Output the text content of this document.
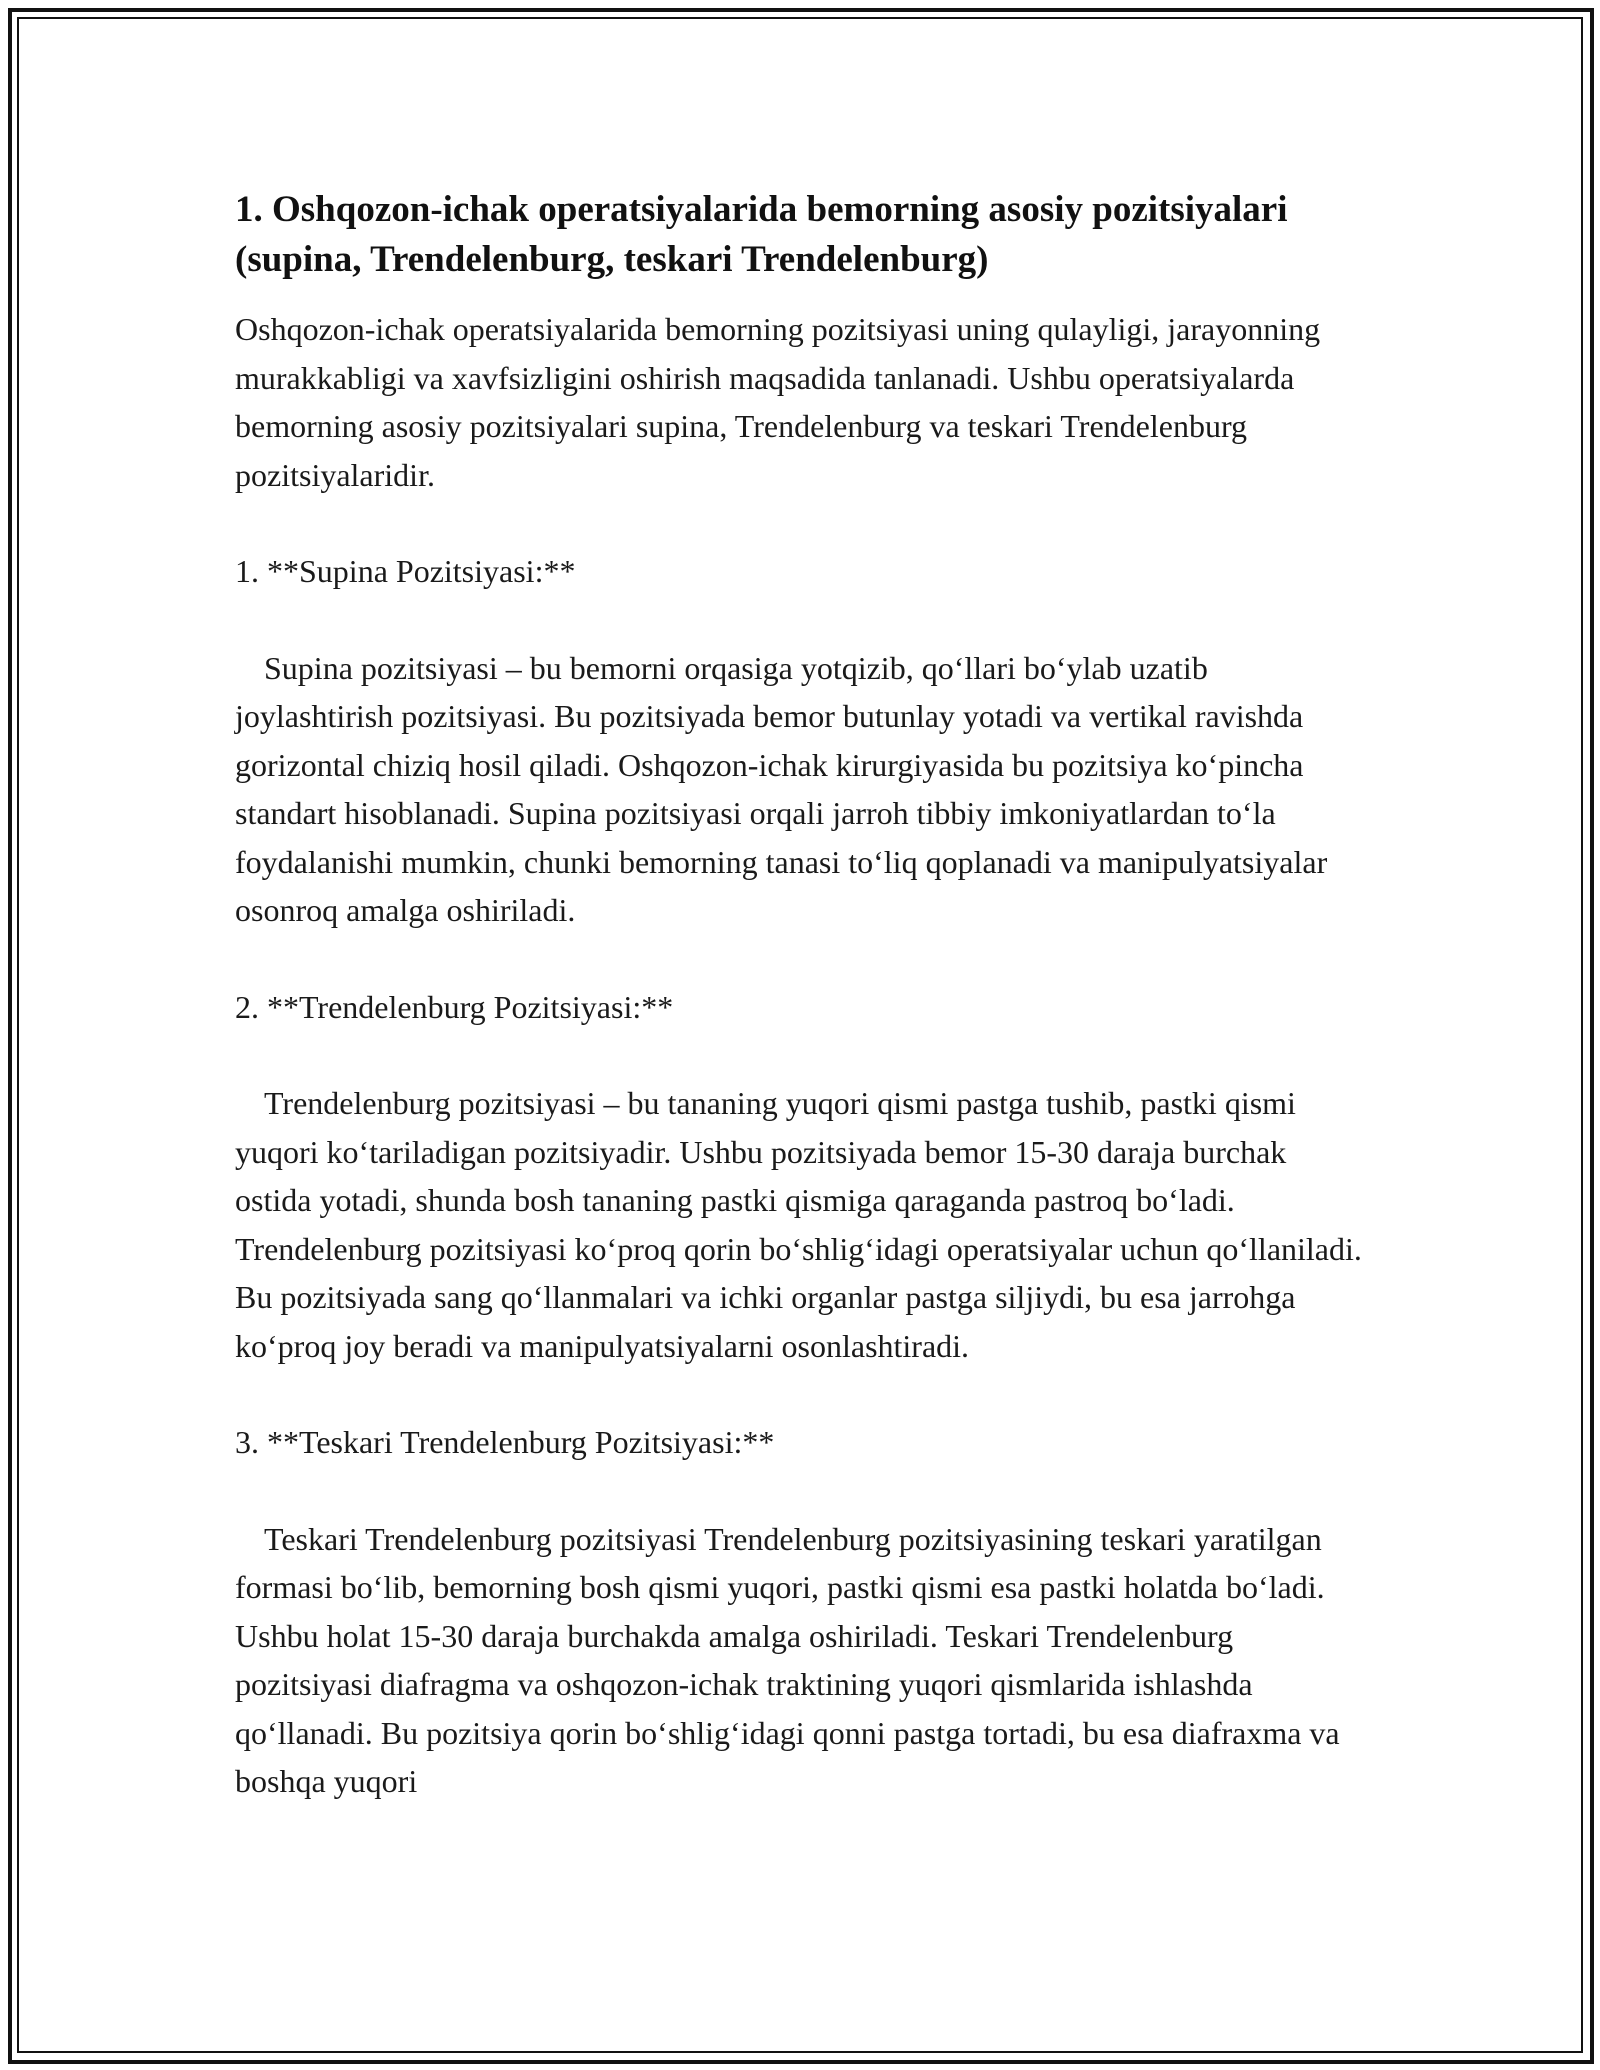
1. Oshqozon-ichak operatsiyalarida bemorning asosiy pozitsiyalari (supina, Trendelenburg, teskari Trendelenburg)

Oshqozon-ichak operatsiyalarida bemorning pozitsiyasi uning qulayligi, jarayonning murakkabligi va xavfsizligini oshirish maqsadida tanlanadi. Ushbu operatsiyalarda bemorning asosiy pozitsiyalari supina, Trendelenburg va teskari Trendelenburg pozitsiyalaridir.

1. **Supina Pozitsiyasi:**

Supina pozitsiyasi – bu bemorni orqasiga yotqizib, qo‘llari bo‘ylab uzatib joylashtirish pozitsiyasi. Bu pozitsiyada bemor butunlay yotadi va vertikal ravishda gorizontal chiziq hosil qiladi. Oshqozon-ichak kirurgiyasida bu pozitsiya ko‘pincha standart hisoblanadi. Supina pozitsiyasi orqali jarroh tibbiy imkoniyatlardan to‘la foydalanishi mumkin, chunki bemorning tanasi to‘liq qoplanadi va manipulyatsiyalar osonroq amalga oshiriladi.

2. **Trendelenburg Pozitsiyasi:**

Trendelenburg pozitsiyasi – bu tananing yuqori qismi pastga tushib, pastki qismi yuqori ko‘tariladigan pozitsiyadir. Ushbu pozitsiyada bemor 15-30 daraja burchak ostida yotadi, shunda bosh tananing pastki qismiga qaraganda pastroq bo‘ladi. Trendelenburg pozitsiyasi ko‘proq qorin bo‘shlig‘idagi operatsiyalar uchun qo‘llaniladi. Bu pozitsiyada sang qo‘llanmalari va ichki organlar pastga siljiydi, bu esa jarrohga ko‘proq joy beradi va manipulyatsiyalarni osonlashtiradi.

3. **Teskari Trendelenburg Pozitsiyasi:**

Teskari Trendelenburg pozitsiyasi Trendelenburg pozitsiyasining teskari yaratilgan formasi bo‘lib, bemorning bosh qismi yuqori, pastki qismi esa pastki holatda bo‘ladi. Ushbu holat 15-30 daraja burchakda amalga oshiriladi. Teskari Trendelenburg pozitsiyasi diafragma va oshqozon-ichak traktining yuqori qismlarida ishlashda qo‘llanadi. Bu pozitsiya qorin bo‘shlig‘idagi qonni pastga tortadi, bu esa diafraxma va boshqa yuqori
